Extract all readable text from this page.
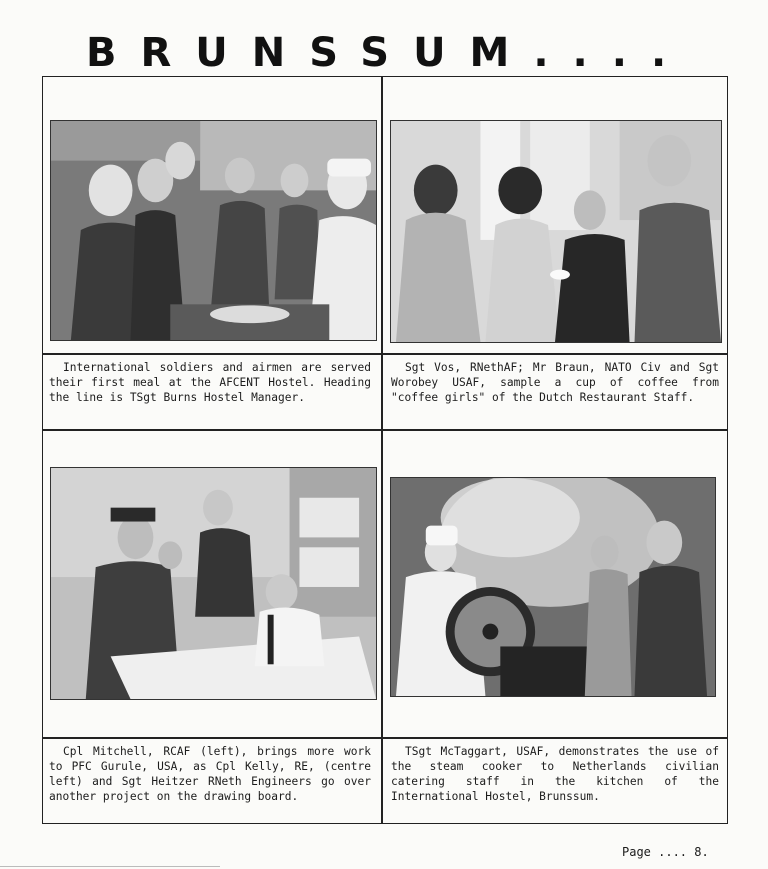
BRUNSSUM....
International soldiers and airmen are served their first meal at the AFCENT Hostel. Heading the line is TSgt Burns Hostel Manager.
Sgt Vos, RNethAF; Mr Braun, NATO Civ and Sgt Worobey USAF, sample a cup of coffee from "coffee girls" of the Dutch Restaurant Staff.
Cpl Mitchell, RCAF (left), brings more work to PFC Gurule, USA, as Cpl Kelly, RE, (centre left) and Sgt Heitzer RNeth Engineers go over another project on the drawing board.
TSgt McTaggart, USAF, demonstrates the use of the steam cooker to Netherlands civilian catering staff in the kitchen of the International Hostel, Brunssum.
Page .... 8.
